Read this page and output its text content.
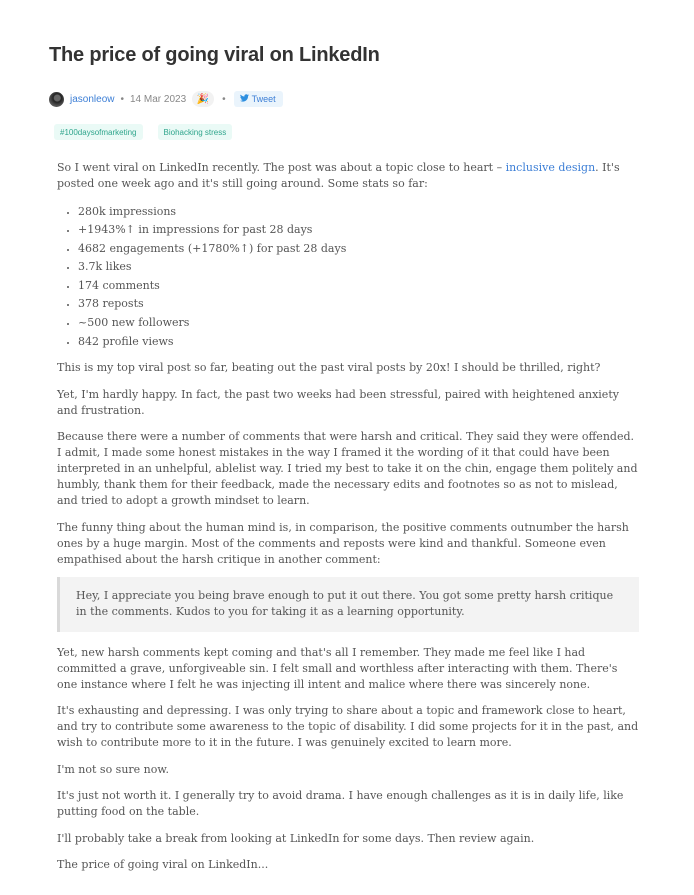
The price of going viral on LinkedIn
jasonleow • 14 Mar 2023 🎉 •	Tweet
#100daysofmarketing	Biohacking stress

So I went viral on LinkedIn recently. The post was about a topic close to heart – inclusive design. It's posted one week ago and it's still going around. Some stats so far:

• 280k impressions
• +1943%↑ in impressions for past 28 days
• 4682 engagements (+1780%↑) for past 28 days
• 3.7k likes
• 174 comments
• 378 reposts
• ~500 new followers
• 842 profile views

This is my top viral post so far, beating out the past viral posts by 20x! I should be thrilled, right?

Yet, I'm hardly happy. In fact, the past two weeks had been stressful, paired with heightened anxiety and frustration.

Because there were a number of comments that were harsh and critical. They said they were offended. I admit, I made some honest mistakes in the way I framed it the wording of it that could have been interpreted in an unhelpful, ablelist way. I tried my best to take it on the chin, engage them politely and humbly, thank them for their feedback, made the necessary edits and footnotes so as not to mislead, and tried to adopt a growth mindset to learn.

The funny thing about the human mind is, in comparison, the positive comments outnumber the harsh ones by a huge margin. Most of the comments and reposts were kind and thankful. Someone even empathised about the harsh critique in another comment:

Hey, I appreciate you being brave enough to put it out there. You got some pretty harsh critique in the comments. Kudos to you for taking it as a learning opportunity.

Yet, new harsh comments kept coming and that's all I remember. They made me feel like I had committed a grave, unforgiveable sin. I felt small and worthless after interacting with them. There's one instance where I felt he was injecting ill intent and malice where there was sincerely none.

It's exhausting and depressing. I was only trying to share about a topic and framework close to heart, and try to contribute some awareness to the topic of disability. I did some projects for it in the past, and wish to contribute more to it in the future. I was genuinely excited to learn more.

I'm not so sure now.

It's just not worth it. I generally try to avoid drama. I have enough challenges as it is in daily life, like putting food on the table.

I'll probably take a break from looking at LinkedIn for some days. Then review again.

The price of going viral on LinkedIn...
